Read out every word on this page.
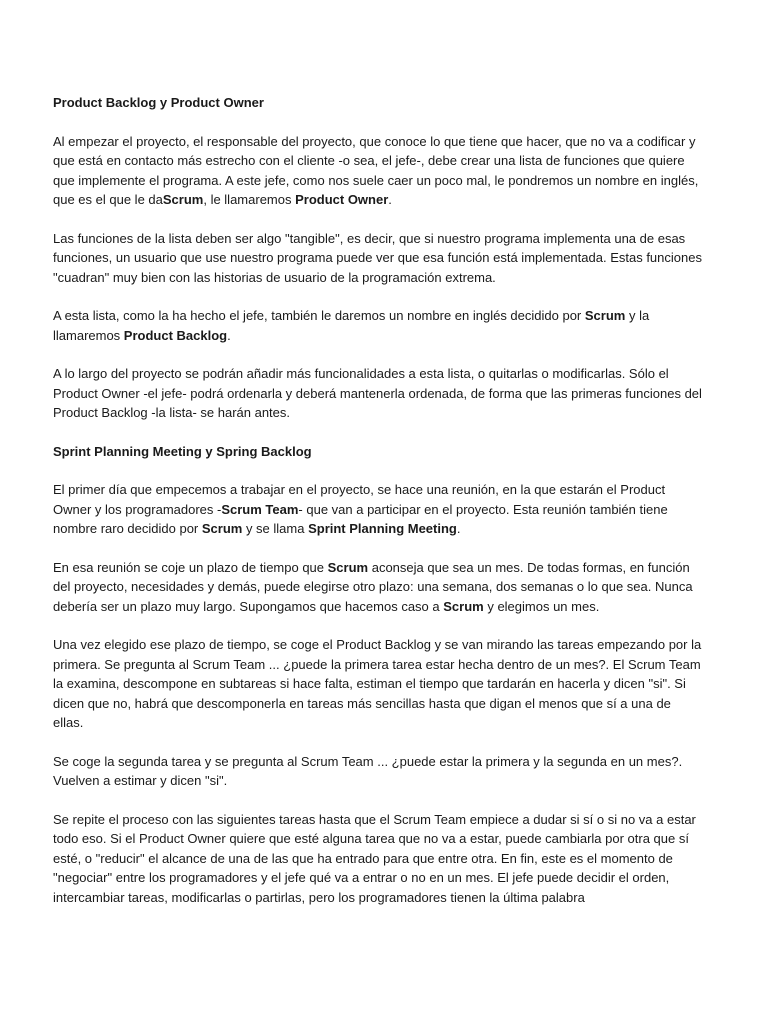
Product Backlog y Product Owner
Al empezar el proyecto, el responsable del proyecto, que conoce lo que tiene que hacer, que no va a codificar y que está en contacto más estrecho con el cliente -o sea, el jefe-, debe crear una lista de funciones que quiere que implemente el programa. A este jefe, como nos suele caer un poco mal, le pondremos un nombre en inglés, que es el que le daScrum, le llamaremos Product Owner.
Las funciones de la lista deben ser algo "tangible", es decir, que si nuestro programa implementa una de esas funciones, un usuario que use nuestro programa puede ver que esa función está implementada. Estas funciones "cuadran" muy bien con las historias de usuario de la programación extrema.
A esta lista, como la ha hecho el jefe, también le daremos un nombre en inglés decidido por Scrum y la llamaremos Product Backlog.
A lo largo del proyecto se podrán añadir más funcionalidades a esta lista, o quitarlas o modificarlas. Sólo el Product Owner -el jefe- podrá ordenarla y deberá mantenerla ordenada, de forma que las primeras funciones del Product Backlog -la lista- se harán antes.
Sprint Planning Meeting y Spring Backlog
El primer día que empecemos a trabajar en el proyecto, se hace una reunión, en la que estarán el Product Owner y los programadores -Scrum Team- que van a participar en el proyecto. Esta reunión también tiene nombre raro decidido por Scrum y se llama Sprint Planning Meeting.
En esa reunión se coje un plazo de tiempo que Scrum aconseja que sea un mes. De todas formas, en función del proyecto, necesidades y demás, puede elegirse otro plazo: una semana, dos semanas o lo que sea. Nunca debería ser un plazo muy largo. Supongamos que hacemos caso a Scrum y elegimos un mes.
Una vez elegido ese plazo de tiempo, se coge el Product Backlog y se van mirando las tareas empezando por la primera. Se pregunta al Scrum Team ... ¿puede la primera tarea estar hecha dentro de un mes?. El Scrum Team la examina, descompone en subtareas si hace falta, estiman el tiempo que tardarán en hacerla y dicen "si". Si dicen que no, habrá que descomponerla en tareas más sencillas hasta que digan el menos que sí a una de ellas.
Se coge la segunda tarea y se pregunta al Scrum Team ... ¿puede estar la primera y la segunda en un mes?. Vuelven a estimar y dicen "si".
Se repite el proceso con las siguientes tareas hasta que el Scrum Team empiece a dudar si sí o si no va a estar todo eso. Si el Product Owner quiere que esté alguna tarea que no va a estar, puede cambiarla por otra que sí esté, o "reducir" el alcance de una de las que ha entrado para que entre otra. En fin, este es el momento de "negociar" entre los programadores y el jefe qué va a entrar o no en un mes. El jefe puede decidir el orden, intercambiar tareas, modificarlas o partirlas, pero los programadores tienen la última palabra
